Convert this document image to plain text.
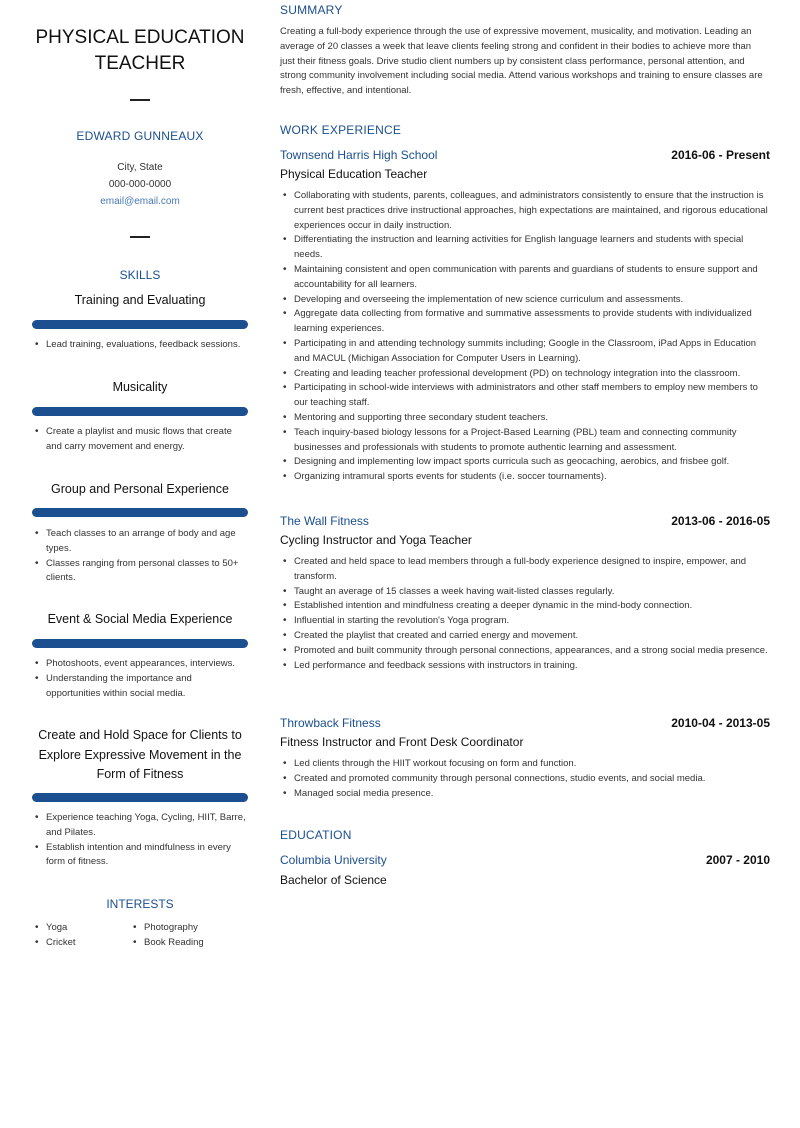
PHYSICAL EDUCATION
TEACHER
EDWARD GUNNEAUX
City, State
000-000-0000
email@email.com
SKILLS
Training and Evaluating
• Lead training, evaluations, feedback sessions.
Musicality
• Create a playlist and music flows that create and carry movement and energy.
Group and Personal Experience
• Teach classes to an arrange of body and age types.
• Classes ranging from personal classes to 50+ clients.
Event & Social Media Experience
• Photoshoots, event appearances, interviews.
• Understanding the importance and opportunities within social media.
Create and Hold Space for Clients to
Explore Expressive Movement in the
Form of Fitness
• Experience teaching Yoga, Cycling, HIIT, Barre, and Pilates.
• Establish intention and mindfulness in every form of fitness.
INTERESTS
• Yoga
• Cricket
• Photography
• Book Reading
SUMMARY

Creating a full-body experience through the use of expressive movement, musicality, and motivation. Leading an average of 20 classes a week that leave clients feeling strong and confident in their bodies to achieve more than just their fitness goals. Drive studio client numbers up by consistent class performance, personal attention, and strong community involvement including social media. Attend various workshops and training to ensure classes are fresh, effective, and intentional.

WORK EXPERIENCE
Townsend Harris High School	2016-06 - Present
Physical Education Teacher
• Collaborating with students, parents, colleagues, and administrators consistently to ensure that the instruction is current best practices drive instructional approaches, high expectations are maintained, and rigorous educational experiences occur in daily instruction.
• Differentiating the instruction and learning activities for English language learners and students with special needs.
• Maintaining consistent and open communication with parents and guardians of students to ensure support and accountability for all learners.
• Developing and overseeing the implementation of new science curriculum and assessments.
• Aggregate data collecting from formative and summative assessments to provide students with individualized learning experiences.
• Participating in and attending technology summits including; Google in the Classroom, iPad Apps in Education and MACUL (Michigan Association for Computer Users in Learning).
• Creating and leading teacher professional development (PD) on technology integration into the classroom.
• Participating in school-wide interviews with administrators and other staff members to employ new members to our teaching staff.
• Mentoring and supporting three secondary student teachers.
• Teach inquiry-based biology lessons for a Project-Based Learning (PBL) team and connecting community businesses and professionals with students to promote authentic learning and assessment.
• Designing and implementing low impact sports curricula such as geocaching, aerobics, and frisbee golf.
• Organizing intramural sports events for students (i.e. soccer tournaments).
The Wall Fitness	2013-06 - 2016-05
Cycling Instructor and Yoga Teacher
• Created and held space to lead members through a full-body experience designed to inspire, empower, and transform.
• Taught an average of 15 classes a week having wait-listed classes regularly.
• Established intention and mindfulness creating a deeper dynamic in the mind-body connection.
• Influential in starting the revolution's Yoga program.
• Created the playlist that created and carried energy and movement.
• Promoted and built community through personal connections, appearances, and a strong social media presence.
• Led performance and feedback sessions with instructors in training.
Throwback Fitness	2010-04 - 2013-05
Fitness Instructor and Front Desk Coordinator
• Led clients through the HIIT workout focusing on form and function.
• Created and promoted community through personal connections, studio events, and social media.
• Managed social media presence.
EDUCATION
Columbia University	2007 - 2010
Bachelor of Science
